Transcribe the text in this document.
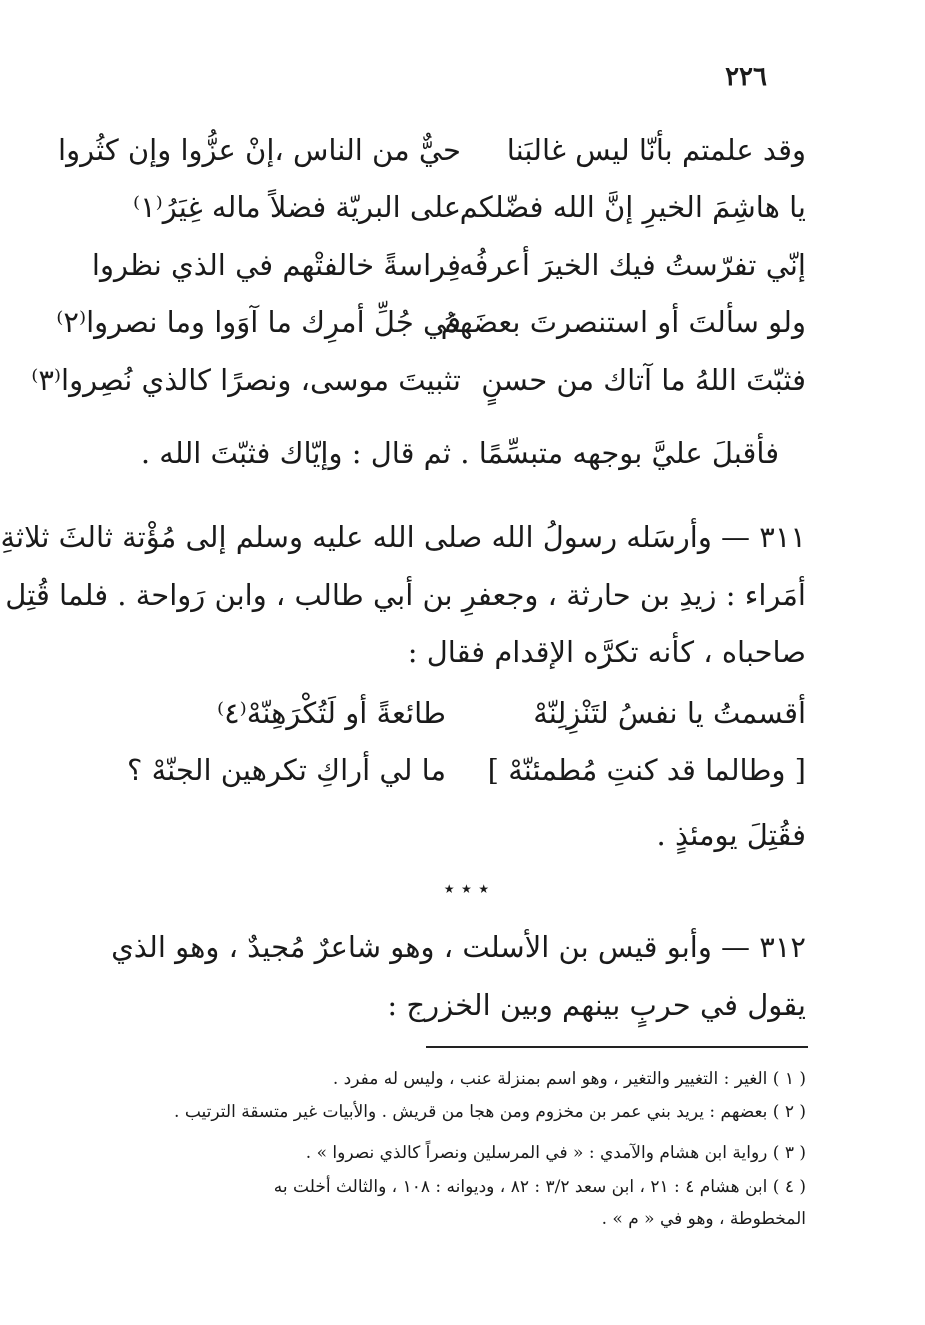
٢٢٦
وقد علمتم بأنّا ليس غالبَنا
حيٌّ من الناس ،إنْ عزُّوا وإن كثُروا
يا هاشِمَ الخيرِ إنَّ الله فضّلكم
على البريّة فضلاً ماله غِيَرُ⁽١⁾
إنّي تفرّستُ فيك الخيرَ أعرفُه
فِراسةً خالفتْهم في الذي نظروا
ولو سألتَ أو استنصرتَ بعضَهمُ
في جُلِّ أمرِك ما آوَوا وما نصروا⁽٢⁾
فثبّتَ اللهُ ما آتاك من حسنٍ
تثبيتَ موسى، ونصرًا كالذي نُصِروا⁽٣⁾
فأقبلَ عليَّ بوجهه متبسِّمًا . ثم قال : وإيّاك فثبّتَ الله .
٣١١ — وأرسَله رسولُ الله صلى الله عليه وسلم إلى مُؤْتة ثالثَ ثلاثةِ
أمَراء : زيدِ بن حارثة ، وجعفرِ بن أبي طالب ، وابن رَواحة . فلما قُتِل
صاحباه ، كأنه تكرَّه الإقدام فقال :
أقسمتُ يا نفسُ لتَنْزِلِنّهْ
طائعةً أو لَتُكْرَهِنّهْ⁽٤⁾
[ وطالما قد كنتِ مُطمئنّهْ ]
ما لي أراكِ تكرهين الجنّهْ ؟
فقُتِلَ يومئذٍ .
٭ ٭ ٭
٣١٢ — وأبو قيس بن الأسلت ، وهو شاعرٌ مُجيدٌ ، وهو الذي
يقول في حربٍ بينهم وبين الخزرج :
( ١ ) الغير : التغيير والتغير ، وهو اسم بمنزلة عنب ، وليس له مفرد .
( ٢ ) بعضهم : يريد بني عمر بن مخزوم ومن هجا من قريش . والأبيات غير متسقة الترتيب .
( ٣ ) رواية ابن هشام والآمدي : « في المرسلين ونصراً كالذي نصروا » .
( ٤ ) ابن هشام ٤ : ٢١ ، ابن سعد ٣/٢ : ٨٢ ، وديوانه : ١٠٨ ، والثالث أخلت به
المخطوطة ، وهو في « م » .
